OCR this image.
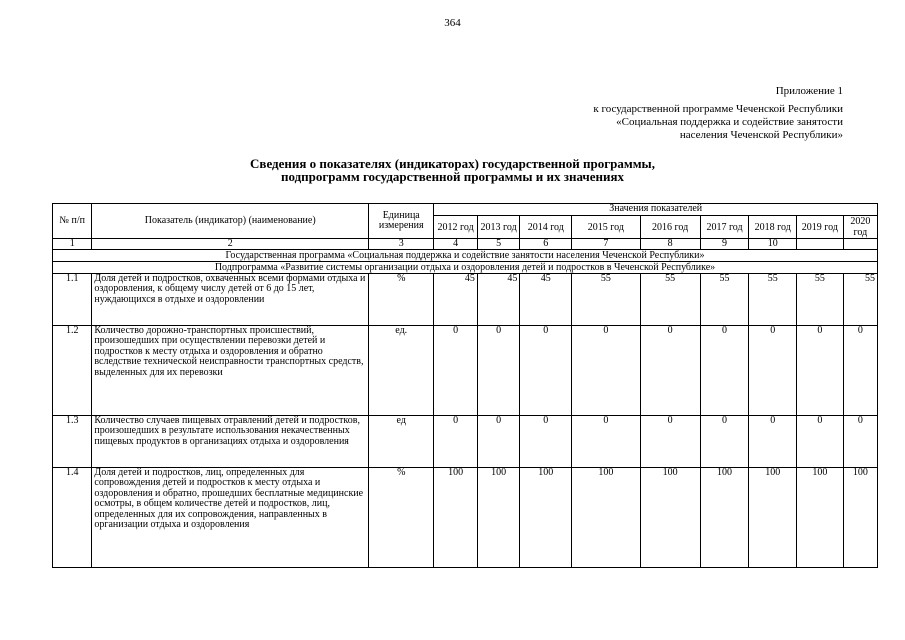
364
Приложение 1
к государственной программе Чеченской Республики
«Социальная поддержка и содействие занятости
населения Чеченской Республики»
Сведения о показателях (индикаторах) государственной программы,
подпрограмм государственной программы и их значениях
№ п/п	Показатель (индикатор) (наименование)	Единица измерения	Значения показателей								
			2012 год	2013 год	2014 год	2015 год	2016 год	2017 год	2018 год	2019 год	2020 год
1	2	3	4	5	6	7	8	9	10		
Государственная программа «Социальная поддержка и содействие занятости населения Чеченской Республики»											
Подпрограмма «Развитие системы организации отдыха и оздоровления детей и подростков в Чеченской Республике»											
1.1	Доля детей и подростков, охваченных всеми формами отдыха и оздоровления, к общему числу детей от 6 до 15 лет, нуждающихся в отдыхе и оздоровлении	%	45	45	45	55	55	55	55	55	55
1.2	Количество дорожно-транспортных происшествий, произошедших при осуществлении перевозки детей и подростков к месту отдыха и оздоровления и обратно вследствие технической неисправности транспортных средств, выделенных для их перевозки	ед.	0	0	0	0	0	0	0	0	0
1.3	Количество случаев пищевых отравлений детей и подростков, произошедших в результате использования некачественных пищевых продуктов в организациях отдыха и оздоровления	ед	0	0	0	0	0	0	0	0	0
1.4	Доля детей и подростков, лиц, определенных для сопровождения детей и подростков к месту отдыха и оздоровления и обратно, прошедших бесплатные медицинские осмотры, в общем количестве детей и подростков, лиц, определенных для их сопровождения, направленных в организации отдыха и оздоровления	%	100	100	100	100	100	100	100	100	100
